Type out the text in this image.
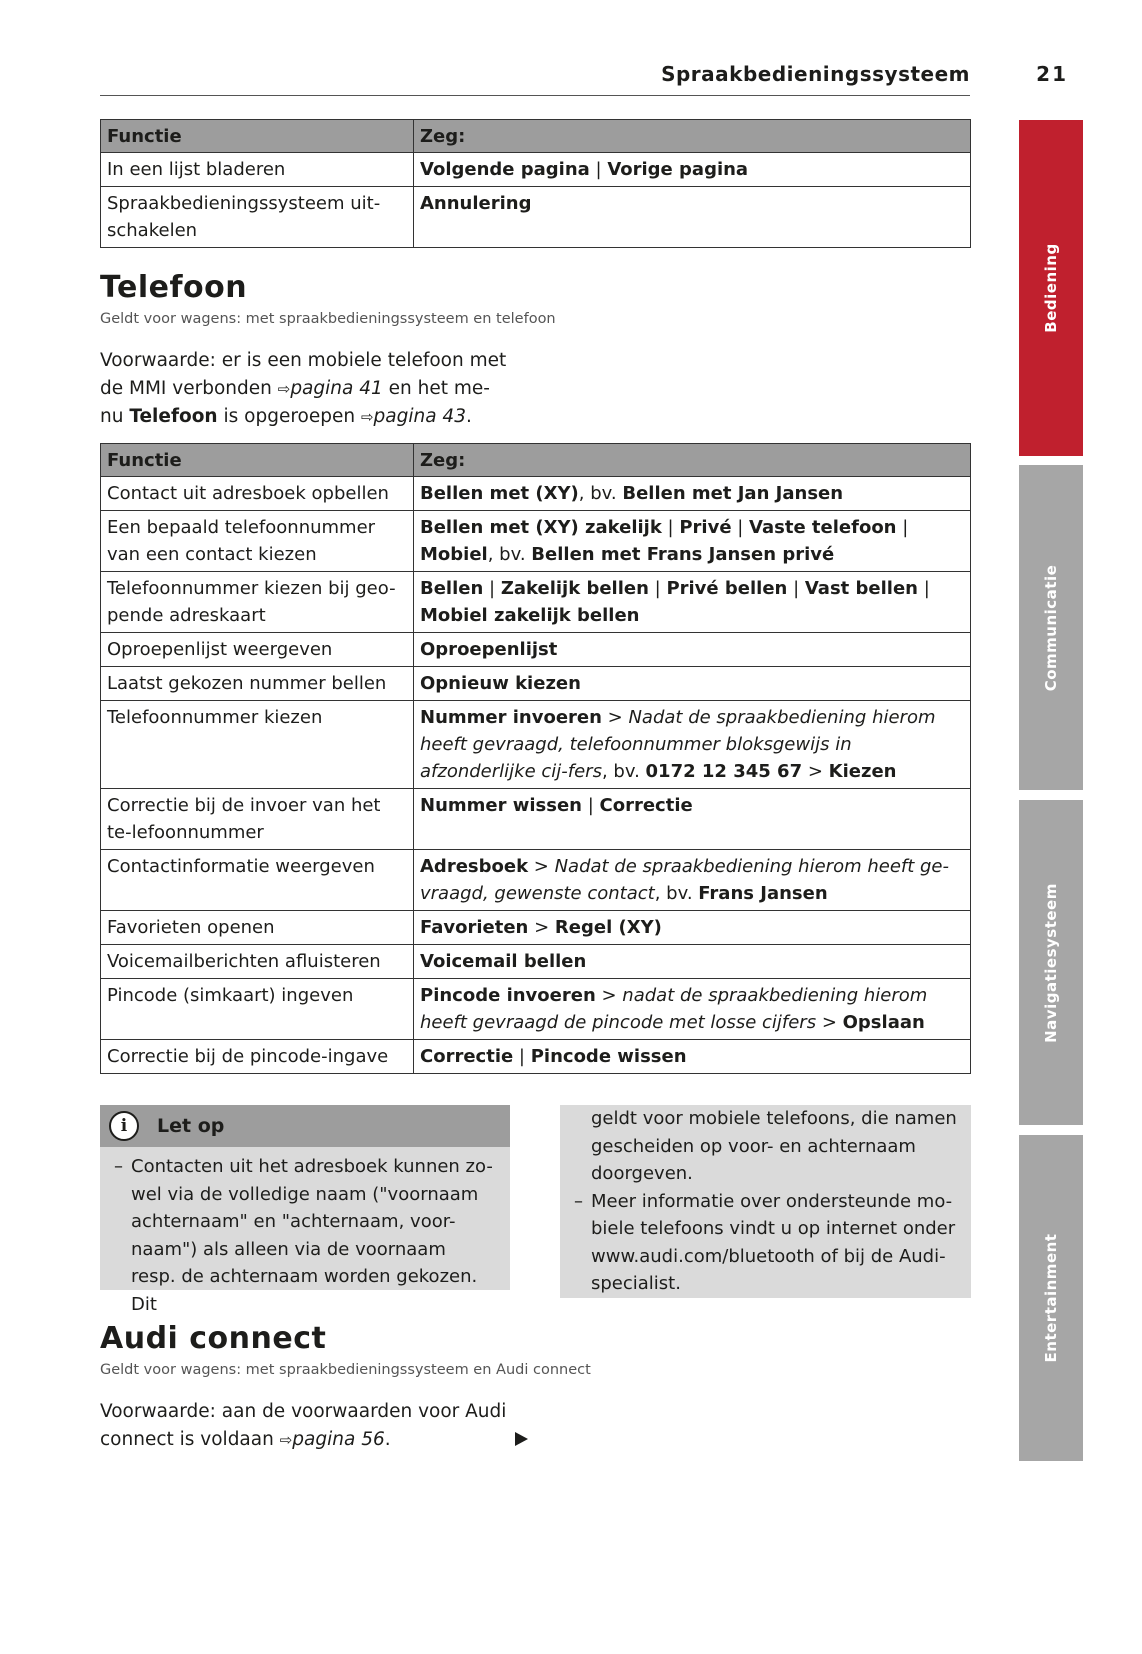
Spraakbedieningssysteem	21
Functie	Zeg:
In een lijst bladeren	Volgende pagina | Vorige pagina
Spraakbedieningssysteem uit-
schakelen	Annulering
Telefoon
Geldt voor wagens: met spraakbedieningssysteem en telefoon

Voorwaarde: er is een mobiele telefoon met
de MMI verbonden ⇨pagina 41 en het me-
nu Telefoon is opgeroepen ⇨pagina 43.

Functie	Zeg:
Contact uit adresboek opbellen	Bellen met (XY), bv. Bellen met Jan Jansen
Een bepaald telefoonnummer van een contact kiezen	Bellen met (XY) zakelijk | Privé | Vaste telefoon | Mobiel, bv. Bellen met Frans Jansen privé
Telefoonnummer kiezen bij geo-pende adreskaart	Bellen | Zakelijk bellen | Privé bellen | Vast bellen | Mobiel zakelijk bellen
Oproepenlijst weergeven	Oproepenlijst
Laatst gekozen nummer bellen	Opnieuw kiezen
Telefoonnummer kiezen	Nummer invoeren > Nadat de spraakbediening hierom heeft gevraagd, telefoonnummer bloksgewijs in afzonderlijke cij-fers, bv. 0172 12 345 67 > Kiezen
Correctie bij de invoer van het te-lefoonnummer	Nummer wissen | Correctie
Contactinformatie weergeven	Adresboek > Nadat de spraakbediening hierom heeft ge-vraagd, gewenste contact, bv. Frans Jansen
Favorieten openen	Favorieten > Regel (XY)
Voicemailberichten afluisteren	Voicemail bellen
Pincode (simkaart) ingeven	Pincode invoeren > nadat de spraakbediening hierom heeft gevraagd de pincode met losse cijfers > Opslaan
Correctie bij de pincode-ingave	Correctie | Pincode wissen
i	Let op
– Contacten uit het adresboek kunnen zo-wel via de volledige naam ("voornaam achternaam" en "achternaam, voor-naam") als alleen via de voornaam resp. de achternaam worden gekozen. Dit
geldt voor mobiele telefoons, die namen gescheiden op voor- en achternaam doorgeven.
– Meer informatie over ondersteunde mo-biele telefoons vindt u op internet onder www.audi.com/bluetooth of bij de Audi-specialist.
Audi connect
Geldt voor wagens: met spraakbedieningssysteem en Audi connect

Voorwaarde: aan de voorwaarden voor Audi
connect is voldaan ⇨pagina 56.

Bediening
Communicatie
Navigatiesysteem
Entertainment
